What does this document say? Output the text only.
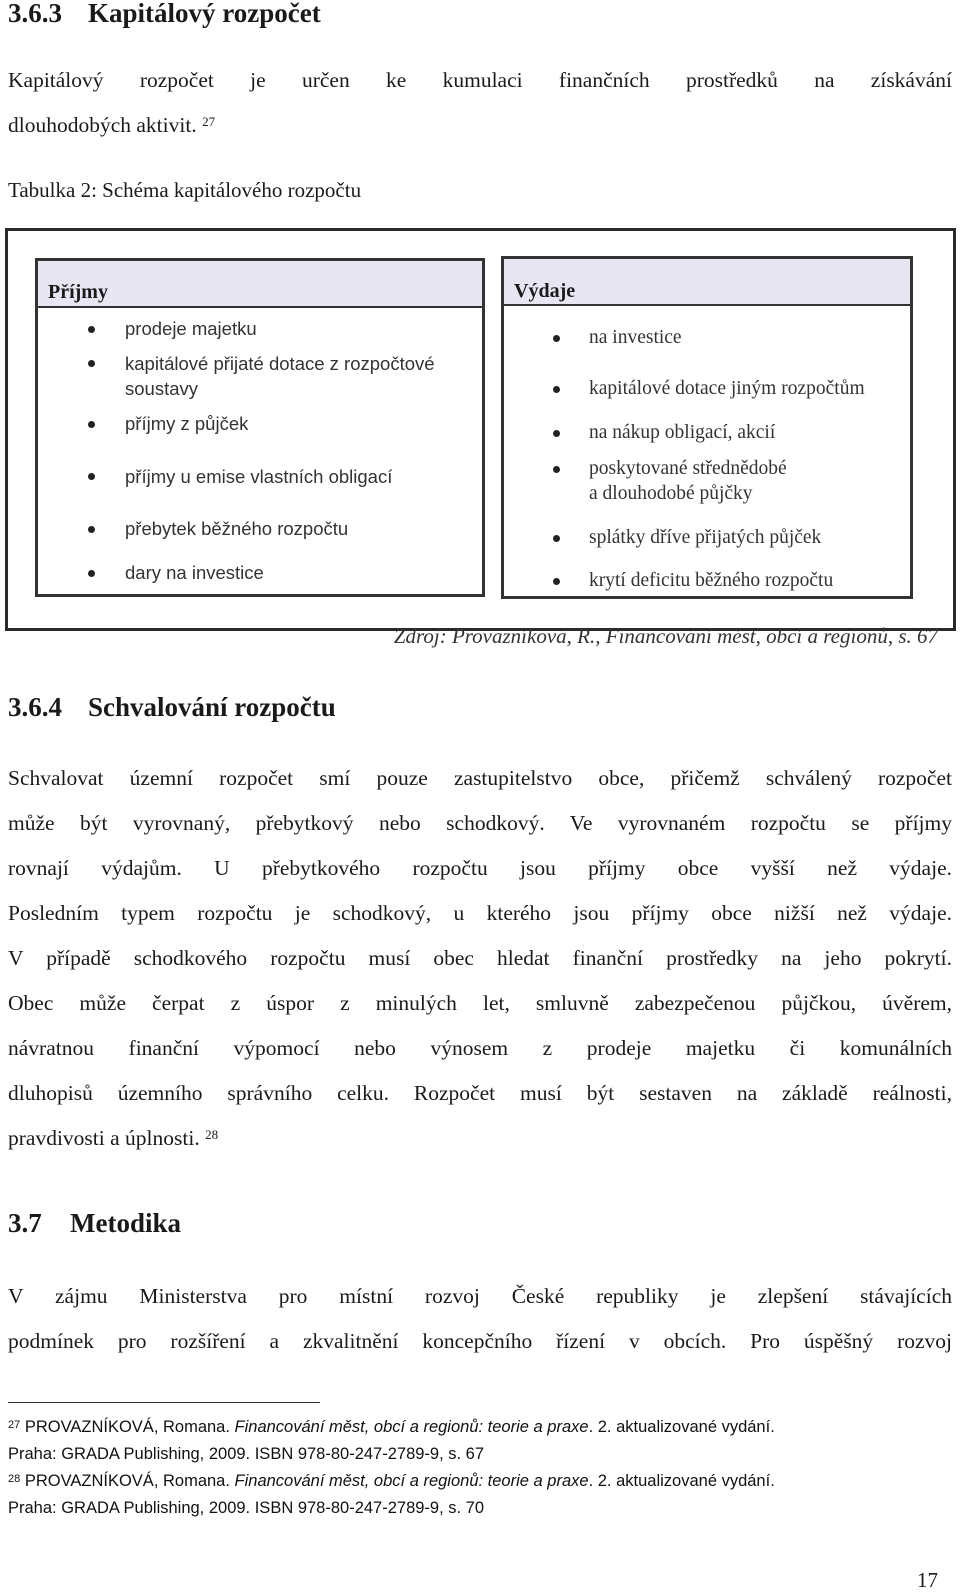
3.6.3 Kapitálový rozpočet
Kapitálový rozpočet je určen ke kumulaci finančních prostředků na získávání
dlouhodobých aktivit. $^{27}$
Tabulka 2: Schéma kapitálového rozpočtu
Příjmy	Výdaje
prodeje majetku
kapitálové přijaté dotace z rozpočtové
soustavy
příjmy z půjček
příjmy u emise vlastních obligací
přebytek běžného rozpočtu
dary na investice
na investice
kapitálové dotace jiným rozpočtům
na nákup obligací, akcií
poskytované střednědobé
a dlouhodobé půjčky
splátky dříve přijatých půjček
krytí deficitu běžného rozpočtu
Zdroj: Provazníková, R., Financování měst, obcí a regionů, s. 67
3.6.4 Schvalování rozpočtu
Schvalovat územní rozpočet smí pouze zastupitelstvo obce, přičemž schválený rozpočet
může být vyrovnaný, přebytkový nebo schodkový. Ve vyrovnaném rozpočtu se příjmy
rovnají výdajům. U přebytkového rozpočtu jsou příjmy obce vyšší než výdaje.
Posledním typem rozpočtu je schodkový, u kterého jsou příjmy obce nižší než výdaje.
V případě schodkového rozpočtu musí obec hledat finanční prostředky na jeho pokrytí.
Obec může čerpat z úspor z minulých let, smluvně zabezpečenou půjčkou, úvěrem,
návratnou finanční výpomocí nebo výnosem z prodeje majetku či komunálních
dluhopisů územního správního celku. Rozpočet musí být sestaven na základě reálnosti,
pravdivosti a úplnosti. $^{28}$
3.7 Metodika
V zájmu Ministerstva pro místní rozvoj České republiky je zlepšení stávajících
podmínek pro rozšíření a zkvalitnění koncepčního řízení v obcích. Pro úspěšný rozvoj
$^{27}$ PROVAZNÍKOVÁ, Romana. Financování měst, obcí a regionů: teorie a praxe. 2. aktualizované vydání.
Praha: GRADA Publishing, 2009. ISBN 978-80-247-2789-9, s. 67
$^{28}$ PROVAZNÍKOVÁ, Romana. Financování měst, obcí a regionů: teorie a praxe. 2. aktualizované vydání.
Praha: GRADA Publishing, 2009. ISBN 978-80-247-2789-9, s. 70
17
